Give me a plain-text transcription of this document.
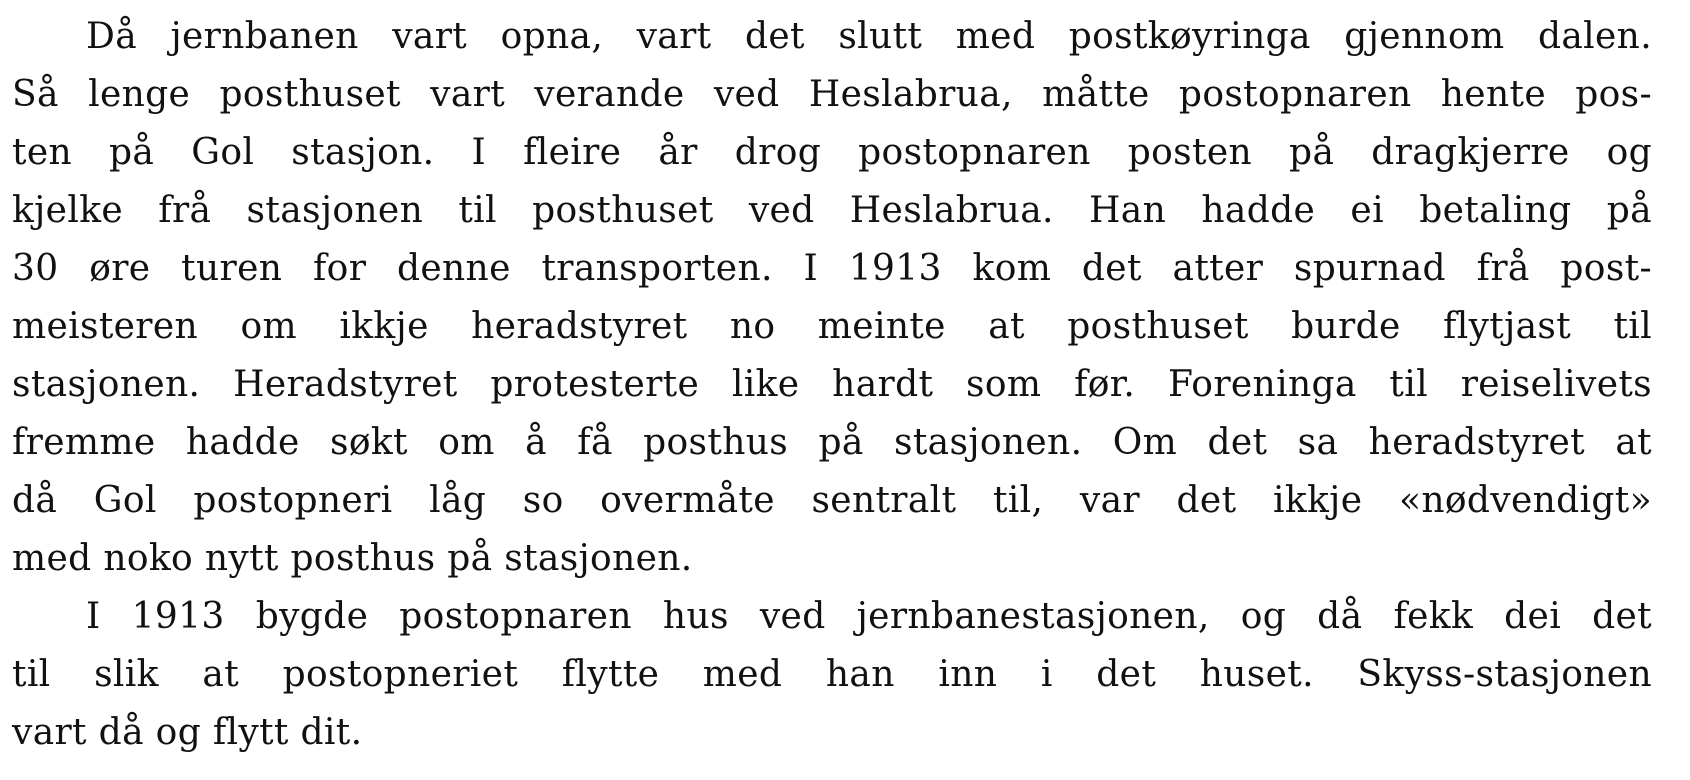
Då jernbanen vart opna, vart det slutt med postkøyringa gjennom dalen.
Så lenge posthuset vart verande ved Heslabrua, måtte postopnaren hente pos-
ten på Gol stasjon. I fleire år drog postopnaren posten på dragkjerre og
kjelke frå stasjonen til posthuset ved Heslabrua. Han hadde ei betaling på
30 øre turen for denne transporten. I 1913 kom det atter spurnad frå post-
meisteren om ikkje heradstyret no meinte at posthuset burde flytjast til
stasjonen. Heradstyret protesterte like hardt som før. Foreninga til reiselivets
fremme hadde søkt om å få posthus på stasjonen. Om det sa heradstyret at
då Gol postopneri låg so overmåte sentralt til, var det ikkje «nødvendigt»
med noko nytt posthus på stasjonen.
I 1913 bygde postopnaren hus ved jernbanestasjonen, og då fekk dei det
til slik at postopneriet flytte med han inn i det huset. Skyss-stasjonen
vart då og flytt dit.
